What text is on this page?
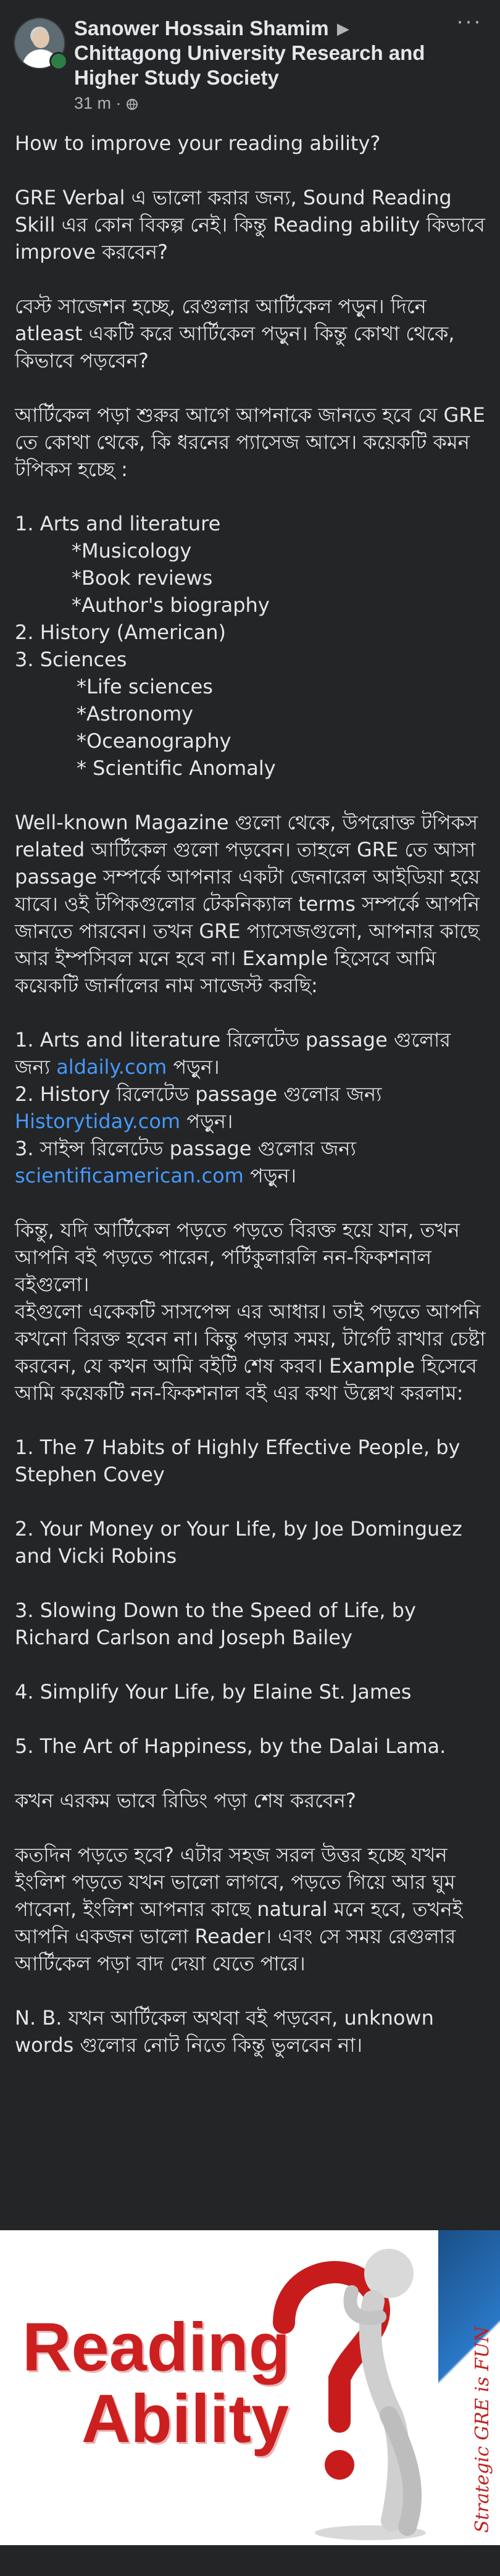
Sanower Hossain Shamim ▶ Chittagong University Research and Higher Study Society
31 m ·
···

How to improve your reading ability?

GRE Verbal এ ভালো করার জন্য, Sound Reading Skill এর কোন বিকল্প নেই। কিন্তু Reading ability কিভাবে improve করবেন?

বেস্ট সাজেশন হচ্ছে, রেগুলার আর্টিকেল পড়ুন। দিনে atleast একটি করে আর্টিকেল পড়ুন। কিন্তু কোথা থেকে, কিভাবে পড়বেন?

আর্টিকেল পড়া শুরুর আগে আপনাকে জানতে হবে যে GRE তে কোথা থেকে, কি ধরনের প্যাসেজ আসে। কয়েকটি কমন টপিকস হচ্ছে :

1. Arts and literature
*Musicology
*Book reviews
*Author's biography
2. History (American)
3. Sciences
*Life sciences
*Astronomy
*Oceanography
* Scientific Anomaly

Well-known Magazine গুলো থেকে, উপরোক্ত টপিকস related আর্টিকেল গুলো পড়বেন। তাহলে GRE তে আসা passage সম্পর্কে আপনার একটা জেনারেল আইডিয়া হয়ে যাবে। ওই টপিকগুলোর টেকনিক্যাল terms সম্পর্কে আপনি জানতে পারবেন। তখন GRE প্যাসেজগুলো, আপনার কাছে আর ইম্পসিবল মনে হবে না। Example হিসেবে আমি কয়েকটি জার্নালের নাম সাজেস্ট করছি:

1. Arts and literature রিলেটেড passage গুলোর জন্য aldaily.com পড়ুন।
2. History রিলেটেড passage গুলোর জন্য Historytiday.com পড়ুন।
3. সাইন্স রিলেটেড passage গুলোর জন্য scientificamerican.com পড়ুন।

কিন্তু, যদি আর্টিকেল পড়তে পড়তে বিরক্ত হয়ে যান, তখন আপনি বই পড়তে পারেন, পর্টিকুলারলি নন-ফিকশনাল বইগুলো।

বইগুলো একেকটি সাসপেন্স এর আধার। তাই পড়তে আপনি কখনো বিরক্ত হবেন না। কিন্তু পড়ার সময়, টার্গেট রাখার চেষ্টা করবেন, যে কখন আমি বইটি শেষ করব। Example হিসেবে আমি কয়েকটি নন-ফিকশনাল বই এর কথা উল্লেখ করলাম:

1. The 7 Habits of Highly Effective People, by Stephen Covey

2. Your Money or Your Life, by Joe Dominguez and Vicki Robins

3. Slowing Down to the Speed of Life, by Richard Carlson and Joseph Bailey

4. Simplify Your Life, by Elaine St. James

5. The Art of Happiness, by the Dalai Lama.

কখন এরকম ভাবে রিডিং পড়া শেষ করবেন?

কতদিন পড়তে হবে? এটার সহজ সরল উত্তর হচ্ছে যখন ইংলিশ পড়তে যখন ভালো লাগবে, পড়তে গিয়ে আর ঘুম পাবেনা, ইংলিশ আপনার কাছে natural মনে হবে, তখনই আপনি একজন ভালো Reader। এবং সে সময় রেগুলার আর্টিকেল পড়া বাদ দেয়া যেতে পারে।

N. B. যখন আর্টিকেল অথবা বই পড়বেন, unknown words গুলোর নোট নিতে কিন্তু ভুলবেন না।

Reading
Ability	Strategic GRE is FUN
